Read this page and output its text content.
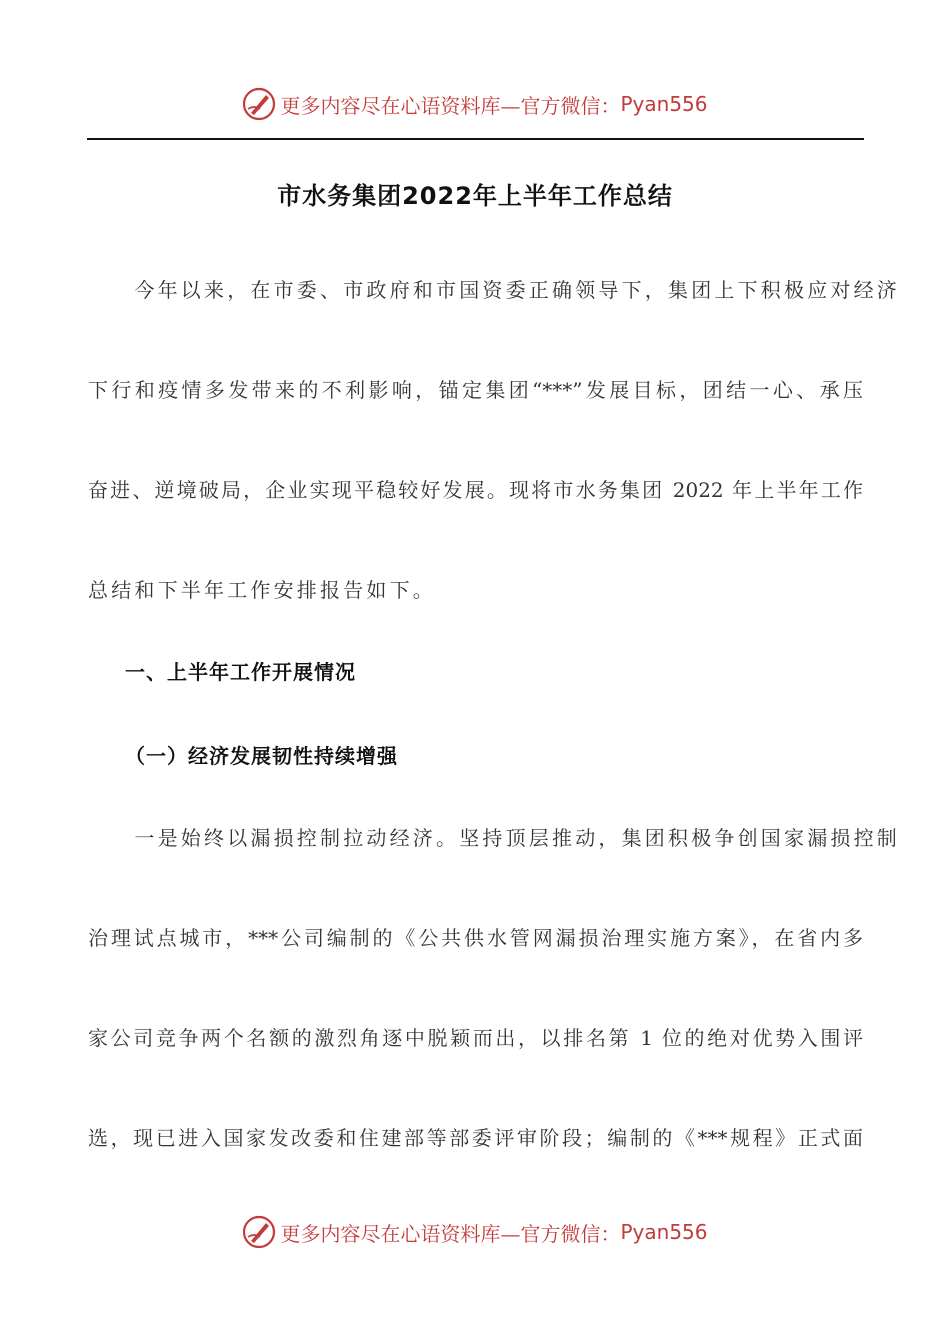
更多内容尽在心语资料库—官方微信： Pyan556
市水务集团2022年上半年工作总结
　　今年以来，在市委、市政府和市国资委正确领导下，集团上下积极应对经济
下行和疫情多发带来的不利影响，锚定集团“***”发展目标，团结一心、承压
奋进、逆境破局，企业实现平稳较好发展。现将市水务集团 2022 年上半年工作
总结和下半年工作安排报告如下。
一、上半年工作开展情况
（一）经济发展韧性持续增强
　　一是始终以漏损控制拉动经济。坚持顶层推动，集团积极争创国家漏损控制
治理试点城市，***公司编制的《公共供水管网漏损治理实施方案》，在省内多
家公司竞争两个名额的激烈角逐中脱颖而出，以排名第 1 位的绝对优势入围评
选，现已进入国家发改委和住建部等部委评审阶段；编制的《***规程》正式面
更多内容尽在心语资料库—官方微信： Pyan556
